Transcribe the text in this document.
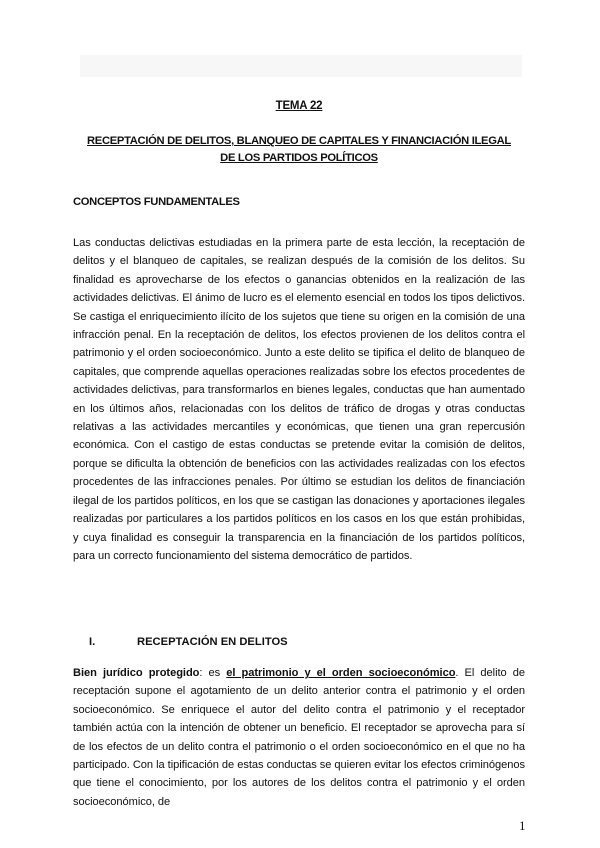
TEMA 22
RECEPTACIÓN DE DELITOS, BLANQUEO DE CAPITALES Y FINANCIACIÓN ILEGAL
DE LOS PARTIDOS POLÍTICOS
CONCEPTOS FUNDAMENTALES

Las conductas delictivas estudiadas en la primera parte de esta lección, la receptación de delitos y el blanqueo de capitales, se realizan después de la comisión de los delitos. Su finalidad es aprovecharse de los efectos o ganancias obtenidos en la realización de las actividades delictivas. El ánimo de lucro es el elemento esencial en todos los tipos delictivos. Se castiga el enriquecimiento ilícito de los sujetos que tiene su origen en la comisión de una infracción penal. En la receptación de delitos, los efectos provienen de los delitos contra el patrimonio y el orden socioeconómico. Junto a este delito se tipifica el delito de blanqueo de capitales, que comprende aquellas operaciones realizadas sobre los efectos procedentes de actividades delictivas, para transformarlos en bienes legales, conductas que han aumentado en los últimos años, relacionadas con los delitos de tráfico de drogas y otras conductas relativas a las actividades mercantiles y económicas, que tienen una gran repercusión económica. Con el castigo de estas conductas se pretende evitar la comisión de delitos, porque se dificulta la obtención de beneficios con las actividades realizadas con los efectos procedentes de las infracciones penales. Por último se estudian los delitos de financiación ilegal de los partidos políticos, en los que se castigan las donaciones y aportaciones ilegales realizadas por particulares a los partidos políticos en los casos en los que están prohibidas, y cuya finalidad es conseguir la transparencia en la financiación de los partidos políticos, para un correcto funcionamiento del sistema democrático de partidos.

I.	RECEPTACIÓN EN DELITOS

Bien jurídico protegido: es el patrimonio y el orden socioeconómico. El delito de receptación supone el agotamiento de un delito anterior contra el patrimonio y el orden socioeconómico. Se enriquece el autor del delito contra el patrimonio y el receptador también actúa con la intención de obtener un beneficio. El receptador se aprovecha para sí de los efectos de un delito contra el patrimonio o el orden socioeconómico en el que no ha participado. Con la tipificación de estas conductas se quieren evitar los efectos criminógenos que tiene el conocimiento, por los autores de los delitos contra el patrimonio y el orden socioeconómico, de

1
